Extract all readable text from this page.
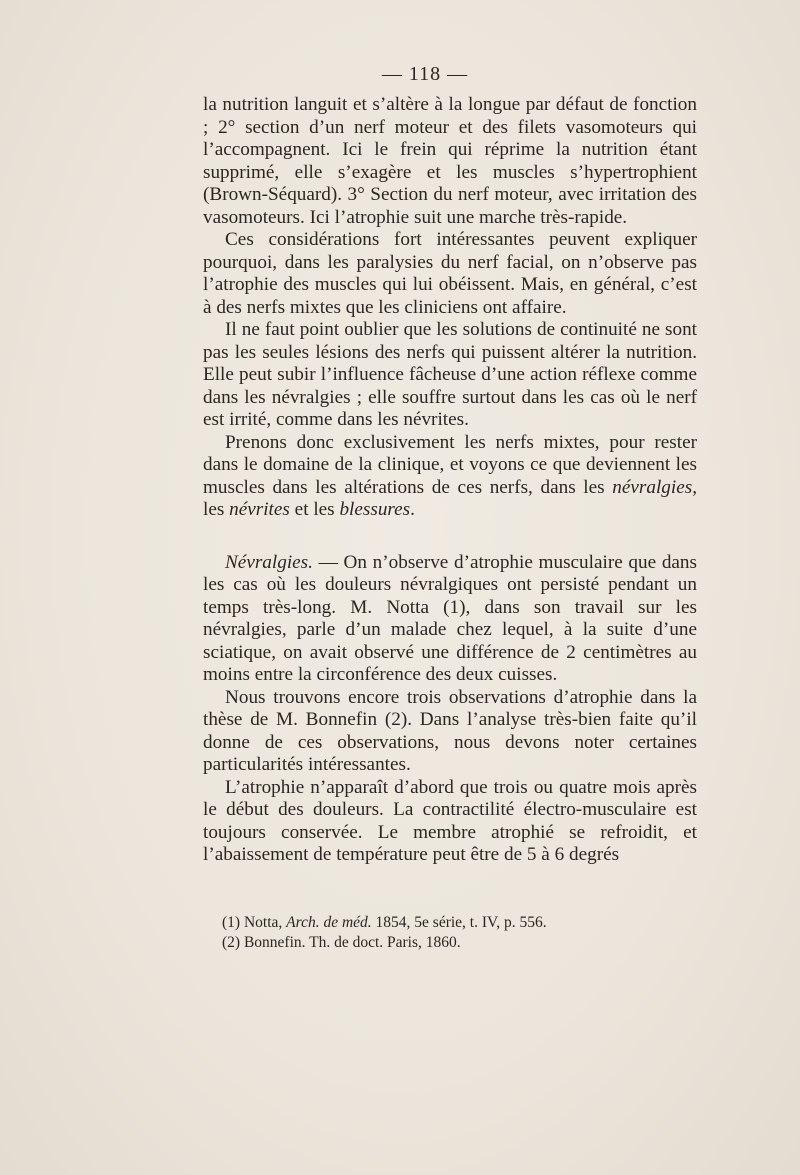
— 118 —

la nutrition languit et s’altère à la longue par défaut de fonction ; 2° section d’un nerf moteur et des filets vasomoteurs qui l’accompagnent. Ici le frein qui réprime la nutrition étant supprimé, elle s’exagère et les muscles s’hypertrophient (Brown-Séquard). 3° Section du nerf moteur, avec irritation des vasomoteurs. Ici l’atrophie suit une marche très-rapide.

Ces considérations fort intéressantes peuvent expliquer pourquoi, dans les paralysies du nerf facial, on n’observe pas l’atrophie des muscles qui lui obéissent. Mais, en général, c’est à des nerfs mixtes que les cliniciens ont affaire.

Il ne faut point oublier que les solutions de continuité ne sont pas les seules lésions des nerfs qui puissent altérer la nutrition. Elle peut subir l’influence fâcheuse d’une action réflexe comme dans les névralgies ; elle souffre surtout dans les cas où le nerf est irrité, comme dans les névrites.

Prenons donc exclusivement les nerfs mixtes, pour rester dans le domaine de la clinique, et voyons ce que deviennent les muscles dans les altérations de ces nerfs, dans les névralgies, les névrites et les blessures.

Névralgies. — On n’observe d’atrophie musculaire que dans les cas où les douleurs névralgiques ont persisté pendant un temps très-long. M. Notta (1), dans son travail sur les névralgies, parle d’un malade chez lequel, à la suite d’une sciatique, on avait observé une différence de 2 centimètres au moins entre la circonférence des deux cuisses.

Nous trouvons encore trois observations d’atrophie dans la thèse de M. Bonnefin (2). Dans l’analyse très-bien faite qu’il donne de ces observations, nous devons noter certaines particularités intéressantes.

L’atrophie n’apparaît d’abord que trois ou quatre mois après le début des douleurs. La contractilité électro-musculaire est toujours conservée. Le membre atrophié se refroidit, et l’abaissement de température peut être de 5 à 6 degrés

(1) Notta, Arch. de méd. 1854, 5e série, t. IV, p. 556.
(2) Bonnefin. Th. de doct. Paris, 1860.
